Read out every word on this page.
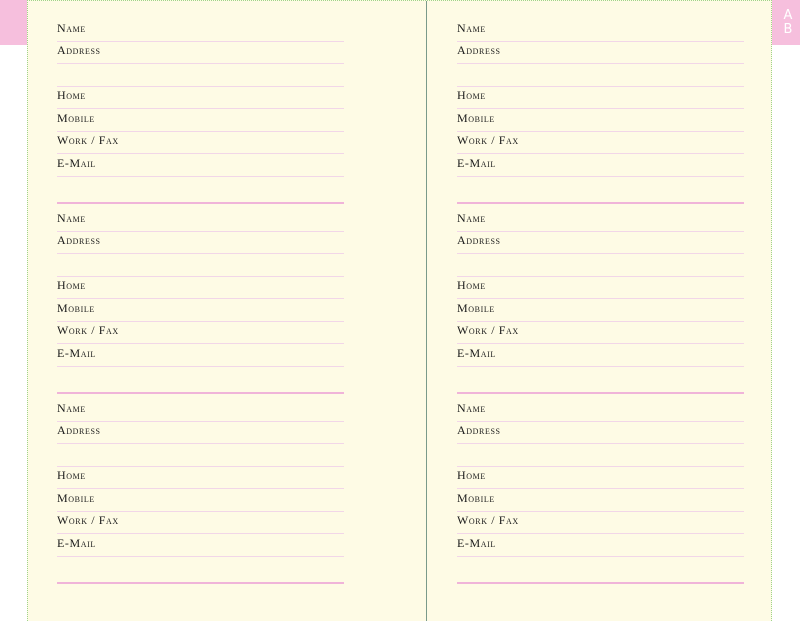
A
B
Name
Address
Home
Mobile
Work / Fax
E-Mail
Name
Address
Home
Mobile
Work / Fax
E-Mail
Name
Address
Home
Mobile
Work / Fax
E-Mail
Name
Address
Home
Mobile
Work / Fax
E-Mail
Name
Address
Home
Mobile
Work / Fax
E-Mail
Name
Address
Home
Mobile
Work / Fax
E-Mail
